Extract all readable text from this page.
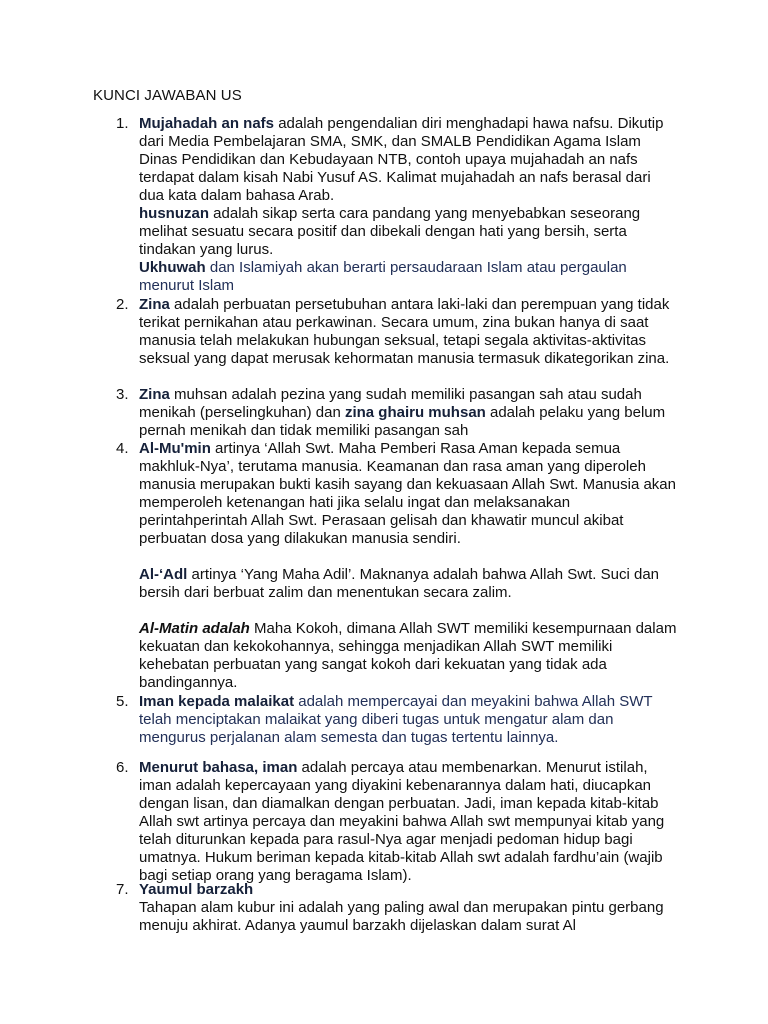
KUNCI JAWABAN US
1. Mujahadah an nafs adalah pengendalian diri menghadapi hawa nafsu. Dikutip dari Media Pembelajaran SMA, SMK, dan SMALB Pendidikan Agama Islam Dinas Pendidikan dan Kebudayaan NTB, contoh upaya mujahadah an nafs terdapat dalam kisah Nabi Yusuf AS. Kalimat mujahadah an nafs berasal dari dua kata dalam bahasa Arab.

husnuzan adalah sikap serta cara pandang yang menyebabkan seseorang melihat sesuatu secara positif dan dibekali dengan hati yang bersih, serta tindakan yang lurus.

Ukhuwah dan Islamiyah akan berarti persaudaraan Islam atau pergaulan menurut Islam

2. Zina adalah perbuatan persetubuhan antara laki-laki dan perempuan yang tidak terikat pernikahan atau perkawinan. Secara umum, zina bukan hanya di saat manusia telah melakukan hubungan seksual, tetapi segala aktivitas-aktivitas seksual yang dapat merusak kehormatan manusia termasuk dikategorikan zina.

3. Zina muhsan adalah pezina yang sudah memiliki pasangan sah atau sudah menikah (perselingkuhan) dan zina ghairu muhsan adalah pelaku yang belum pernah menikah dan tidak memiliki pasangan sah

4. Al-Mu'min artinya ‘Allah Swt. Maha Pemberi Rasa Aman kepada semua makhluk-Nya’, terutama manusia. Keamanan dan rasa aman yang diperoleh manusia merupakan bukti kasih sayang dan kekuasaan Allah Swt. Manusia akan memperoleh ketenangan hati jika selalu ingat dan melaksanakan perintahperintah Allah Swt. Perasaan gelisah dan khawatir muncul akibat perbuatan dosa yang dilakukan manusia sendiri.

Al-‘Adl artinya ‘Yang Maha Adil’. Maknanya adalah bahwa Allah Swt. Suci dan bersih dari berbuat zalim dan menentukan secara zalim.

Al-Matin adalah Maha Kokoh, dimana Allah SWT memiliki kesempurnaan dalam kekuatan dan kekokohannya, sehingga menjadikan Allah SWT memiliki kehebatan perbuatan yang sangat kokoh dari kekuatan yang tidak ada bandingannya.

5. Iman kepada malaikat adalah mempercayai dan meyakini bahwa Allah SWT telah menciptakan malaikat yang diberi tugas untuk mengatur alam dan mengurus perjalanan alam semesta dan tugas tertentu lainnya.

6. Menurut bahasa, iman adalah percaya atau membenarkan. Menurut istilah, iman adalah kepercayaan yang diyakini kebenarannya dalam hati, diucapkan dengan lisan, dan diamalkan dengan perbuatan. Jadi, iman kepada kitab-kitab Allah swt artinya percaya dan meyakini bahwa Allah swt mempunyai kitab yang telah diturunkan kepada para rasul-Nya agar menjadi pedoman hidup bagi umatnya. Hukum beriman kepada kitab-kitab Allah swt adalah fardhu’ain (wajib bagi setiap orang yang beragama Islam).

7. Yaumul barzakh

Tahapan alam kubur ini adalah yang paling awal dan merupakan pintu gerbang menuju akhirat. Adanya yaumul barzakh dijelaskan dalam surat Al
